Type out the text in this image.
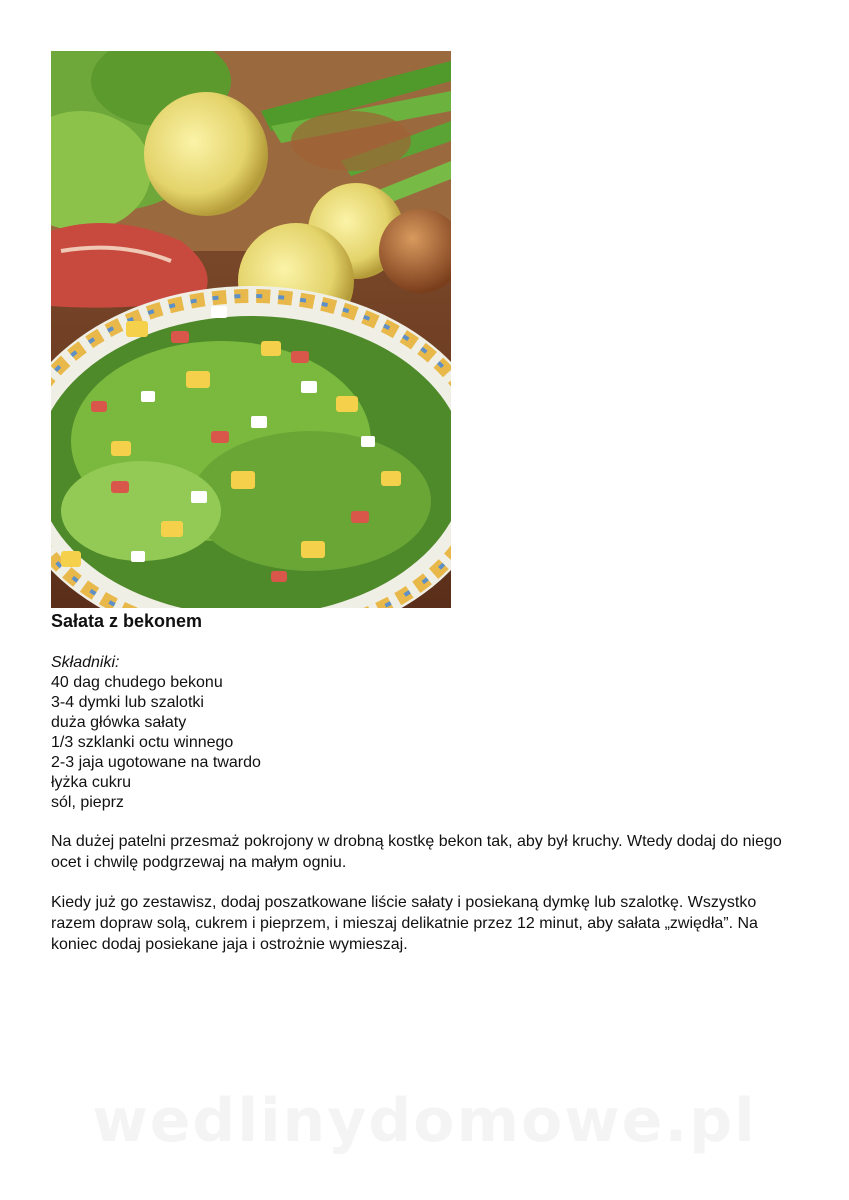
Sałata z bekonem
Składniki:
40 dag chudego bekonu
3-4 dymki lub szalotki
duża główka sałaty
1/3 szklanki octu winnego
2-3 jaja ugotowane na twardo
łyżka cukru
sól, pieprz

Na dużej patelni przesmaż pokrojony w drobną kostkę bekon tak, aby był kruchy. Wtedy dodaj do niego ocet i chwilę podgrzewaj na małym ogniu.

Kiedy już go zestawisz, dodaj poszatkowane liście sałaty i posiekaną dymkę lub szalotkę. Wszystko razem dopraw solą, cukrem i pieprzem, i mieszaj delikatnie przez 12 minut, aby sałata „zwiędła”. Na koniec dodaj posiekane jaja i ostrożnie wymieszaj.

wedlinydomowe.pl
